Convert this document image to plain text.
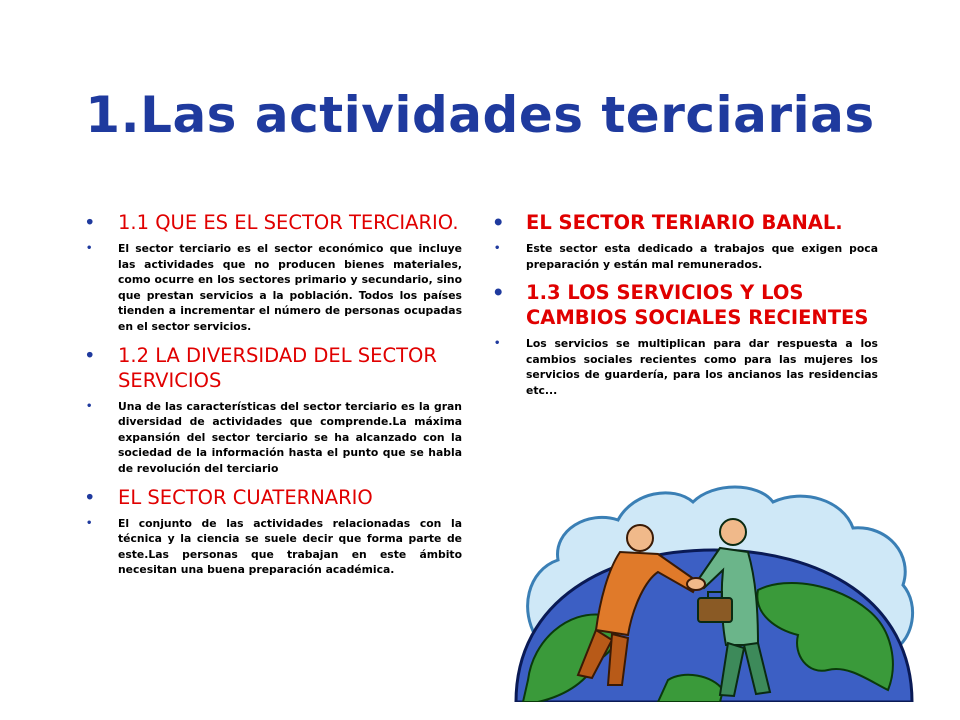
1.Las actividades terciarias
• 1.1 QUE ES EL SECTOR TERCIARIO.
• El sector terciario es el sector económico que incluye las actividades que no producen bienes materiales, como ocurre en los sectores primario y secundario, sino que prestan servicios a la población. Todos los países tienden a incrementar el número de personas ocupadas en el sector servicios.
• 1.2 LA DIVERSIDAD DEL SECTOR SERVICIOS
• Una de las características del sector terciario es la gran diversidad de actividades que comprende.La máxima expansión del sector terciario se ha alcanzado con la sociedad de la información hasta el punto que se habla de revolución del terciario
• EL SECTOR CUATERNARIO
• El conjunto de las actividades relacionadas con la técnica y la ciencia se suele decir que forma parte de este.Las personas que trabajan en este ámbito necesitan una buena preparación académica.
• EL SECTOR TERIARIO BANAL.
• Este sector esta dedicado a trabajos que exigen poca preparación y están mal remunerados.
• 1.3 LOS SERVICIOS Y LOS CAMBIOS SOCIALES RECIENTES
• Los servicios se multiplican para dar respuesta a los cambios sociales recientes como para las mujeres los servicios de guardería, para los ancianos las residencias etc...
